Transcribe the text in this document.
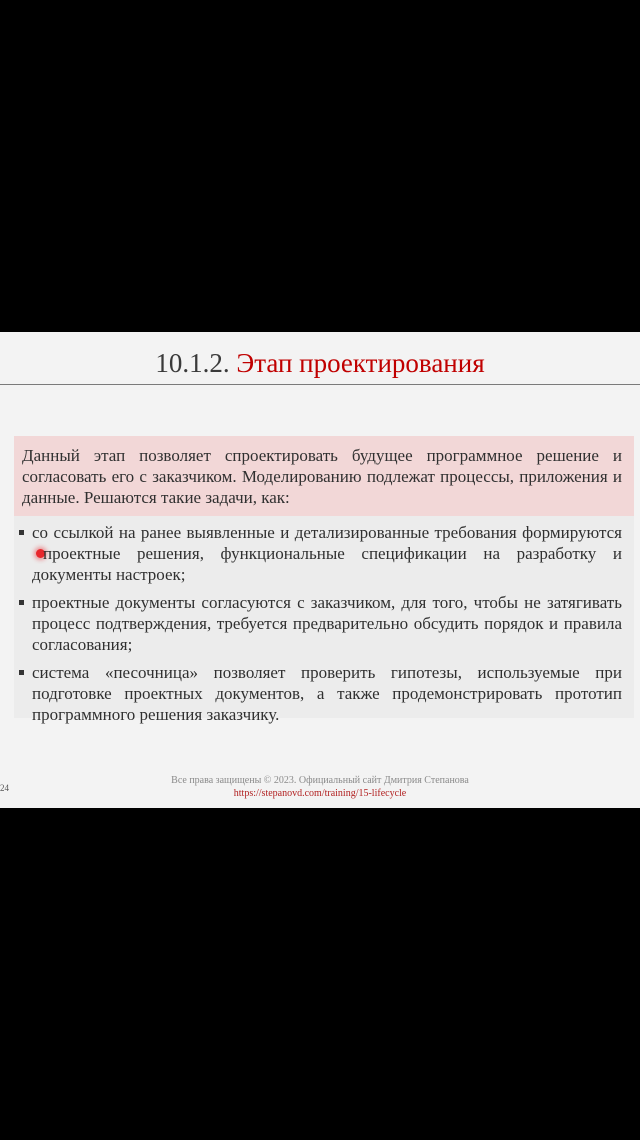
10.1.2. Этап проектирования
Данный этап позволяет спроектировать будущее программное решение и согласовать его с заказчиком. Моделированию подлежат процессы, приложения и данные. Решаются такие задачи, как:
со ссылкой на ранее выявленные и детализированные требования формируютсяпроектные решения, функциональные спецификации на разработку и документы настроек;
проектные документы согласуются с заказчиком, для того, чтобы не затягивать процесс подтверждения, требуется предварительно обсудить порядок и правила согласования;
система «песочница» позволяет проверить гипотезы, используемые при подготовке проектных документов, а также продемонстрировать прототип программного решения заказчику.
24
Все права защищены © 2023. Официальный сайт Дмитрия Степанова
https://stepanovd.com/training/15-lifecycle
